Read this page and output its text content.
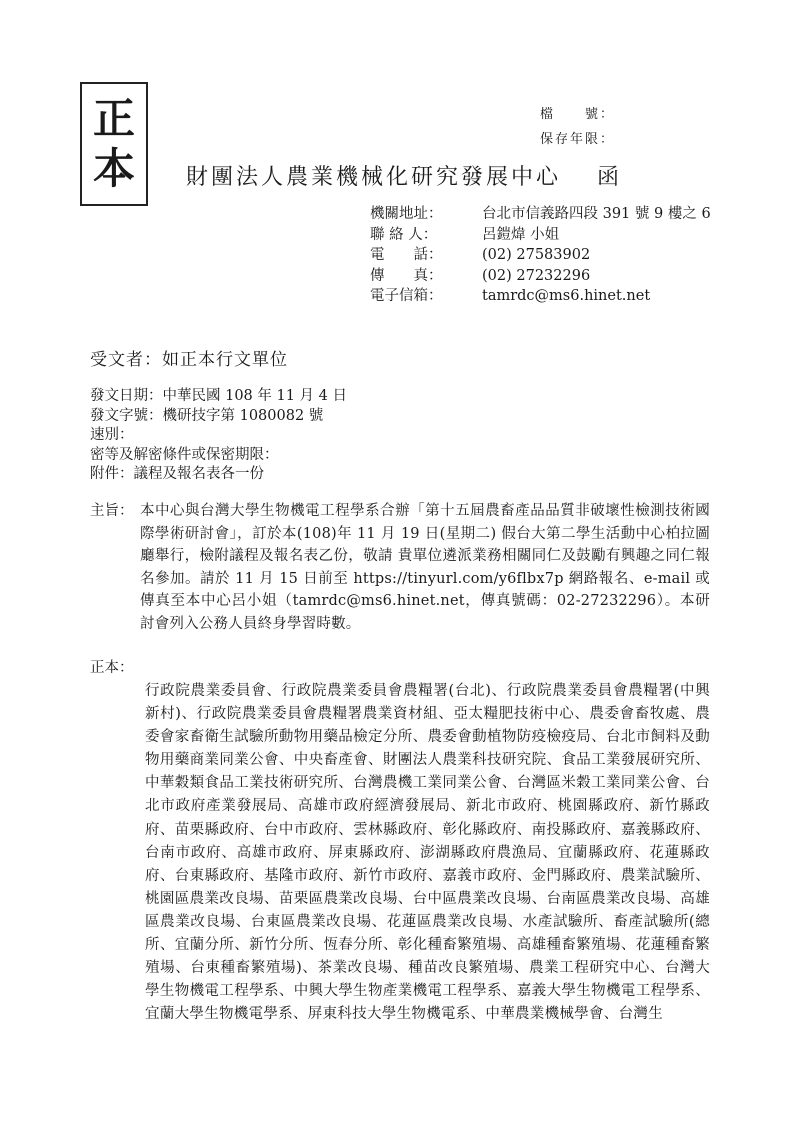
正
本
檔　　號：
保存年限：
財團法人農業機械化研究發展中心 函
機關地址：	台北市信義路四段 391 號 9 樓之 6
聯 絡 人：	呂鎧煒 小姐
電　　話：	(02) 27583902
傳　　真：	(02) 27232296
電子信箱：	tamrdc@ms6.hinet.net
受文者：如正本行文單位
發文日期：中華民國 108 年 11 月 4 日
發文字號：機研技字第 1080082 號
速別：
密等及解密條件或保密期限：
附件：議程及報名表各一份
主旨： 本中心與台灣大學生物機電工程學系合辦「第十五屆農畜產品品質非破壞性檢測技術國際學術研討會」，訂於本(108)年 11 月 19 日(星期二) 假台大第二學生活動中心柏拉圖廳舉行，檢附議程及報名表乙份，敬請 貴單位遴派業務相關同仁及鼓勵有興趣之同仁報名參加。請於 11 月 15 日前至 https://tinyurl.com/y6flbx7p 網路報名、e-mail 或傳真至本中心呂小姐（tamrdc@ms6.hinet.net，傳真號碼：02-27232296）。本研討會列入公務人員終身學習時數。
正本：
行政院農業委員會、行政院農業委員會農糧署(台北)、行政院農業委員會農糧署(中興新村)、行政院農業委員會農糧署農業資材組、亞太糧肥技術中心、農委會畜牧處、農委會家畜衛生試驗所動物用藥品檢定分所、農委會動植物防疫檢疫局、台北市飼料及動物用藥商業同業公會、中央畜產會、財團法人農業科技研究院、食品工業發展研究所、中華穀類食品工業技術研究所、台灣農機工業同業公會、台灣區米穀工業同業公會、台北市政府產業發展局、高雄市政府經濟發展局、新北市政府、桃園縣政府、新竹縣政府、苗栗縣政府、台中市政府、雲林縣政府、彰化縣政府、南投縣政府、嘉義縣政府、台南市政府、高雄市政府、屏東縣政府、澎湖縣政府農漁局、宜蘭縣政府、花蓮縣政府、台東縣政府、基隆市政府、新竹市政府、嘉義市政府、金門縣政府、農業試驗所、桃園區農業改良場、苗栗區農業改良場、台中區農業改良場、台南區農業改良場、高雄區農業改良場、台東區農業改良場、花蓮區農業改良場、水產試驗所、畜產試驗所(總所、宜蘭分所、新竹分所、恆春分所、彰化種畜繁殖場、高雄種畜繁殖場、花蓮種畜繁殖場、台東種畜繁殖場)、茶業改良場、種苗改良繁殖場、農業工程研究中心、台灣大學生物機電工程學系、中興大學生物產業機電工程學系、嘉義大學生物機電工程學系、宜蘭大學生物機電學系、屏東科技大學生物機電系、中華農業機械學會、台灣生
